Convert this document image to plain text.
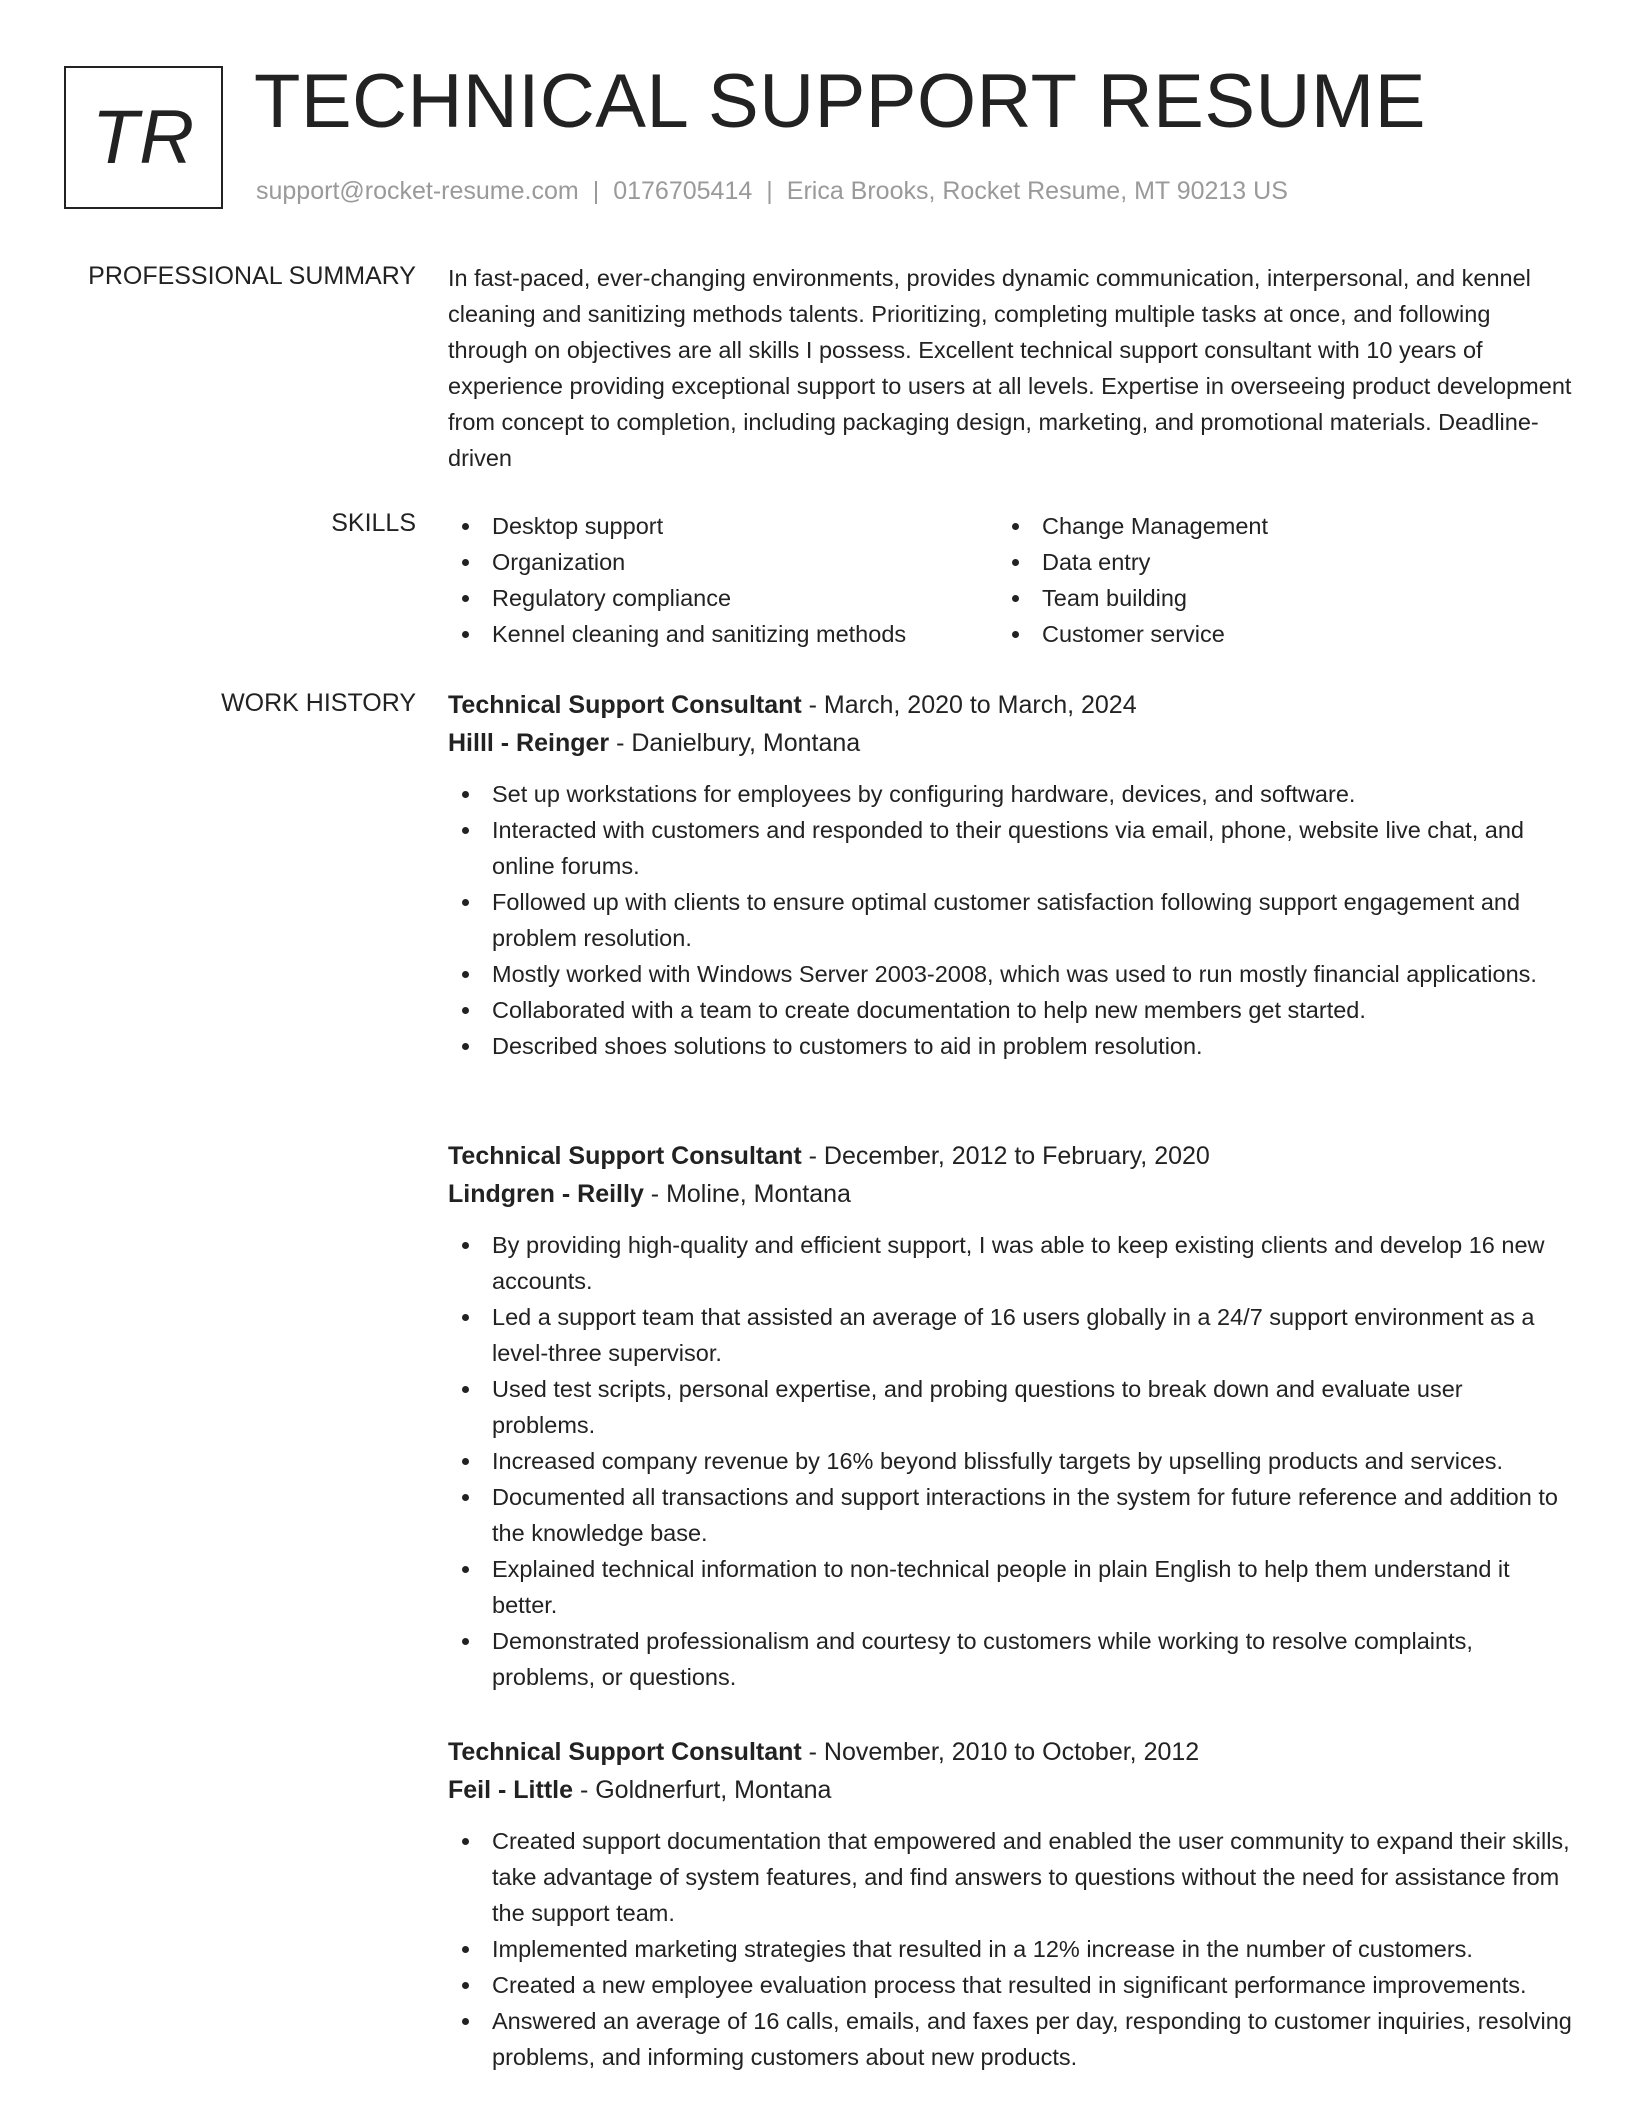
TR TECHNICAL SUPPORT RESUME
support@rocket-resume.com | 0176705414 | Erica Brooks, Rocket Resume, MT 90213 US
PROFESSIONAL SUMMARY In fast-paced, ever-changing environments, provides dynamic communication, interpersonal, and kennel cleaning and sanitizing methods talents. Prioritizing, completing multiple tasks at once, and following through on objectives are all skills I possess. Excellent technical support consultant with 10 years of experience providing exceptional support to users at all levels. Expertise in overseeing product development from concept to completion, including packaging design, marketing, and promotional materials. Deadline-driven
SKILLS	Desktop support
Organization
Regulatory compliance
Kennel cleaning and sanitizing methods
Change Management
Data entry
Team building
Customer service
WORK HISTORY Technical Support Consultant - March, 2020 to March, 2024
Hilll - Reinger - Danielbury, Montana
Set up workstations for employees by configuring hardware, devices, and software.
Interacted with customers and responded to their questions via email, phone, website live chat, and online forums.
Followed up with clients to ensure optimal customer satisfaction following support engagement and problem resolution.
Mostly worked with Windows Server 2003-2008, which was used to run mostly financial applications.
Collaborated with a team to create documentation to help new members get started.
Described shoes solutions to customers to aid in problem resolution.
Technical Support Consultant - December, 2012 to February, 2020
Lindgren - Reilly - Moline, Montana
By providing high-quality and efficient support, I was able to keep existing clients and develop 16 new accounts.
Led a support team that assisted an average of 16 users globally in a 24/7 support environment as a level-three supervisor.
Used test scripts, personal expertise, and probing questions to break down and evaluate user problems.
Increased company revenue by 16% beyond blissfully targets by upselling products and services.
Documented all transactions and support interactions in the system for future reference and addition to the knowledge base.
Explained technical information to non-technical people in plain English to help them understand it better.
Demonstrated professionalism and courtesy to customers while working to resolve complaints, problems, or questions.
Technical Support Consultant - November, 2010 to October, 2012
Feil - Little - Goldnerfurt, Montana
Created support documentation that empowered and enabled the user community to expand their skills, take advantage of system features, and find answers to questions without the need for assistance from the support team.
Implemented marketing strategies that resulted in a 12% increase in the number of customers.
Created a new employee evaluation process that resulted in significant performance improvements.
Answered an average of 16 calls, emails, and faxes per day, responding to customer inquiries, resolving problems, and informing customers about new products.
